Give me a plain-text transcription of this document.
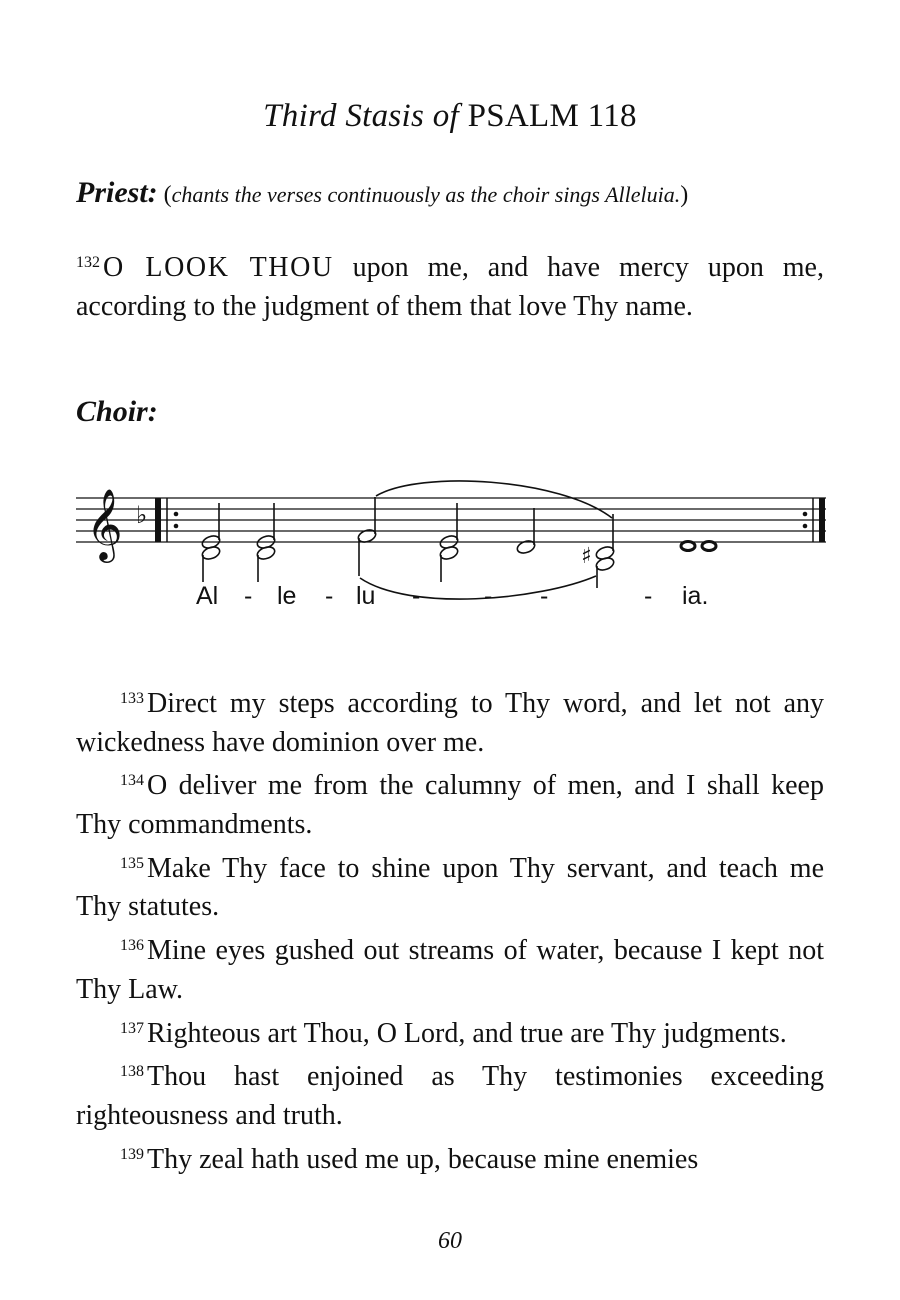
Third Stasis of PSALM 118
Priest: (chants the verses continuously as the choir sings Alleluia.)
$^{132}$ O LOOK THOU upon me, and have mercy upon me, according to the judgment of them that love Thy name.
Choir:
𝄞 ♭
♯
Al - le - lu -	- -	- ia.

$^{133}$ Direct my steps according to Thy word, and let not any wickedness have dominion over me.

$^{134}$ O deliver me from the calumny of men, and I shall keep Thy commandments.

$^{135}$ Make Thy face to shine upon Thy servant, and teach me Thy statutes.

$^{136}$ Mine eyes gushed out streams of water, because I kept not Thy Law.

$^{137}$ Righteous art Thou, O Lord, and true are Thy judgments.

$^{138}$ Thou hast enjoined as Thy testimonies exceeding righteousness and truth.

$^{139}$ Thy zeal hath used me up, because mine enemies

60
